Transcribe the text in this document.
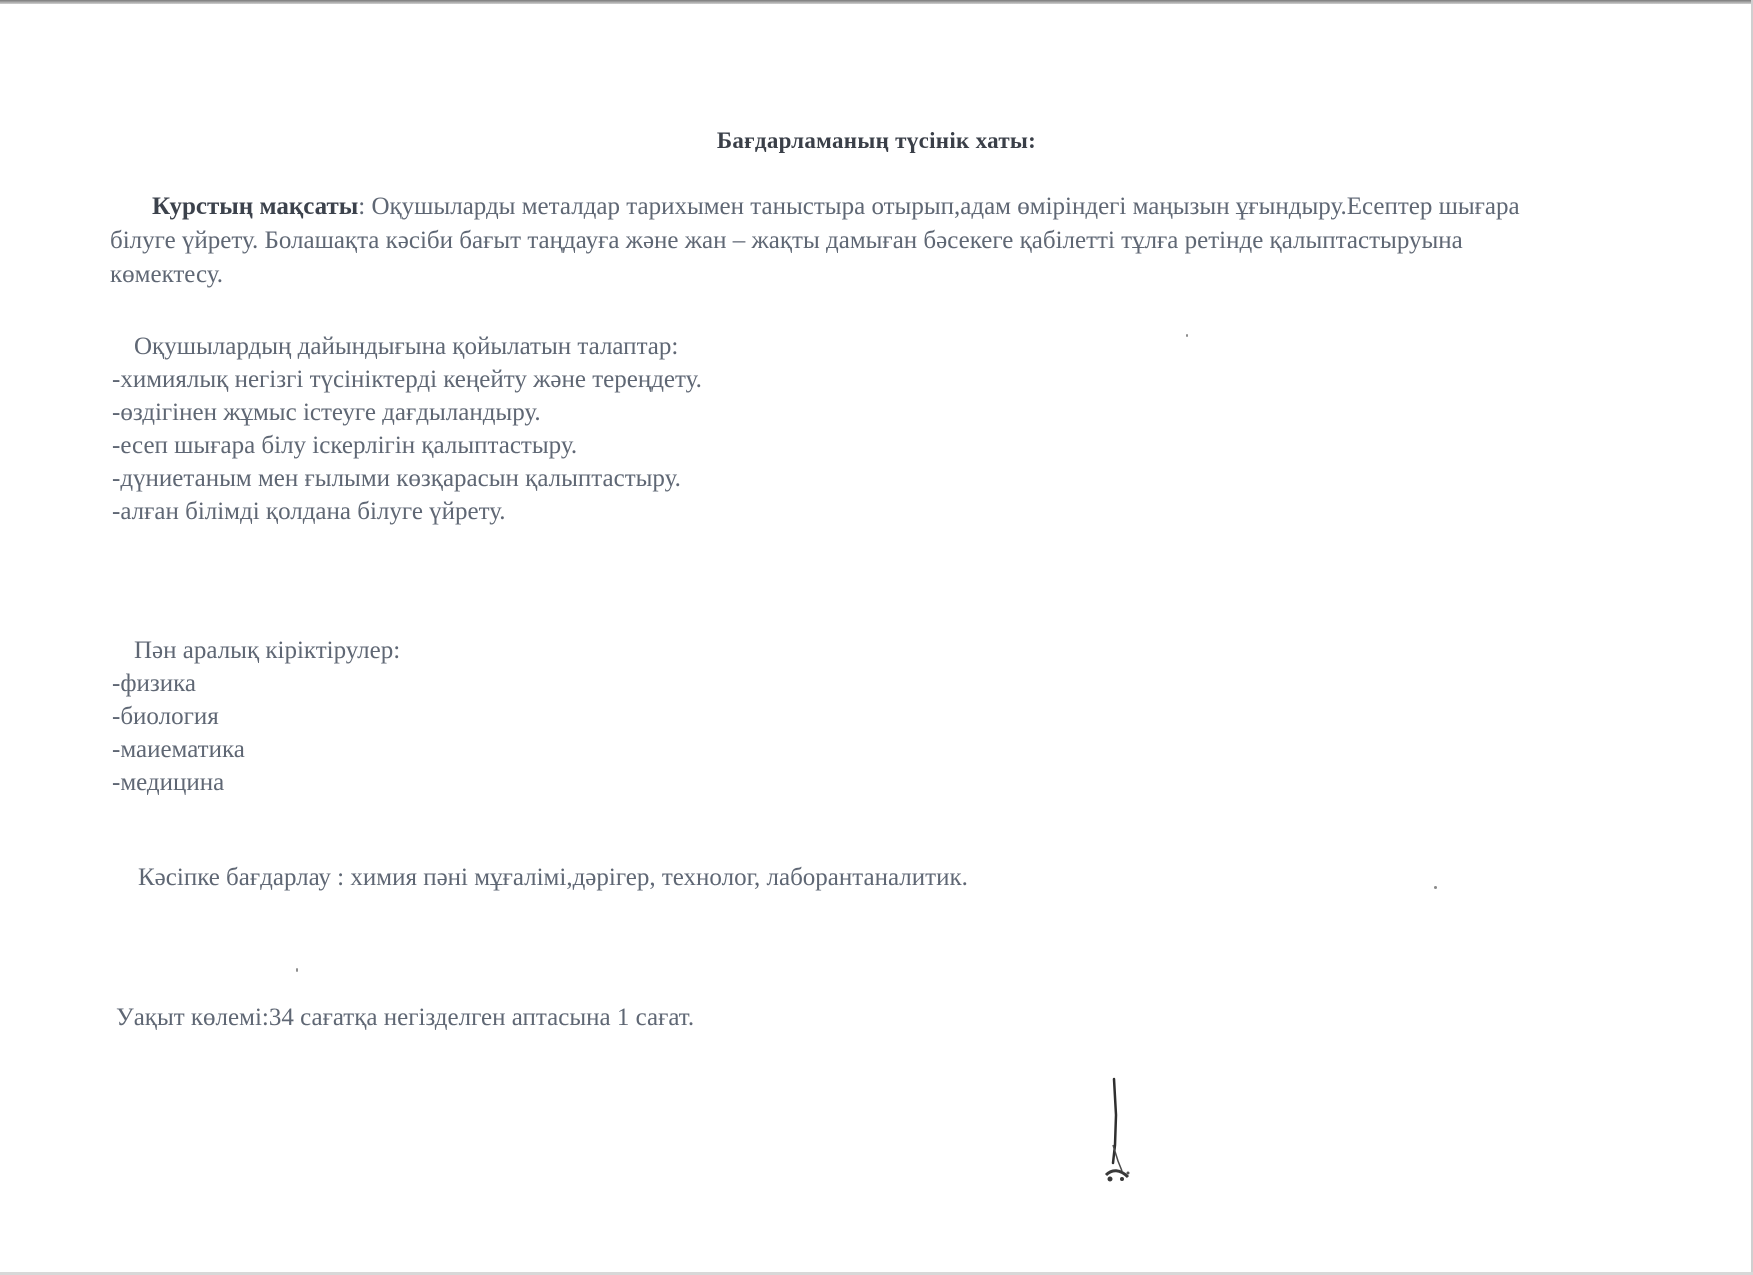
Бағдарламаның түсінік хаты:
Курстың мақсаты: Оқушыларды металдар тарихымен таныстыра отырып,адам өміріндегі маңызын ұғындыру.Есептер шығара білуге үйрету. Болашақта кәсіби бағыт таңдауға және жан – жақты дамыған бәсекеге қабілетті тұлға ретінде қалыптастыруына көмектесу.
Оқушылардың дайындығына қойылатын талаптар:
-химиялық негізгі түсініктерді кеңейту және тереңдету.
-өздігінен жұмыс істеуге дағдыландыру.
-есеп шығара білу іскерлігін қалыптастыру.
-дүниетаным мен ғылыми көзқарасын қалыптастыру.
-алған білімді қолдана білуге үйрету.
Пән аралық кіріктірулер:
-физика
-биология
-маиематика
-медицина
Кәсіпке бағдарлау : химия пәні мұғалімі,дәрігер, технолог, лаборантаналитик.
Уақыт көлемі:34 сағатқа негізделген аптасына 1 сағат.
